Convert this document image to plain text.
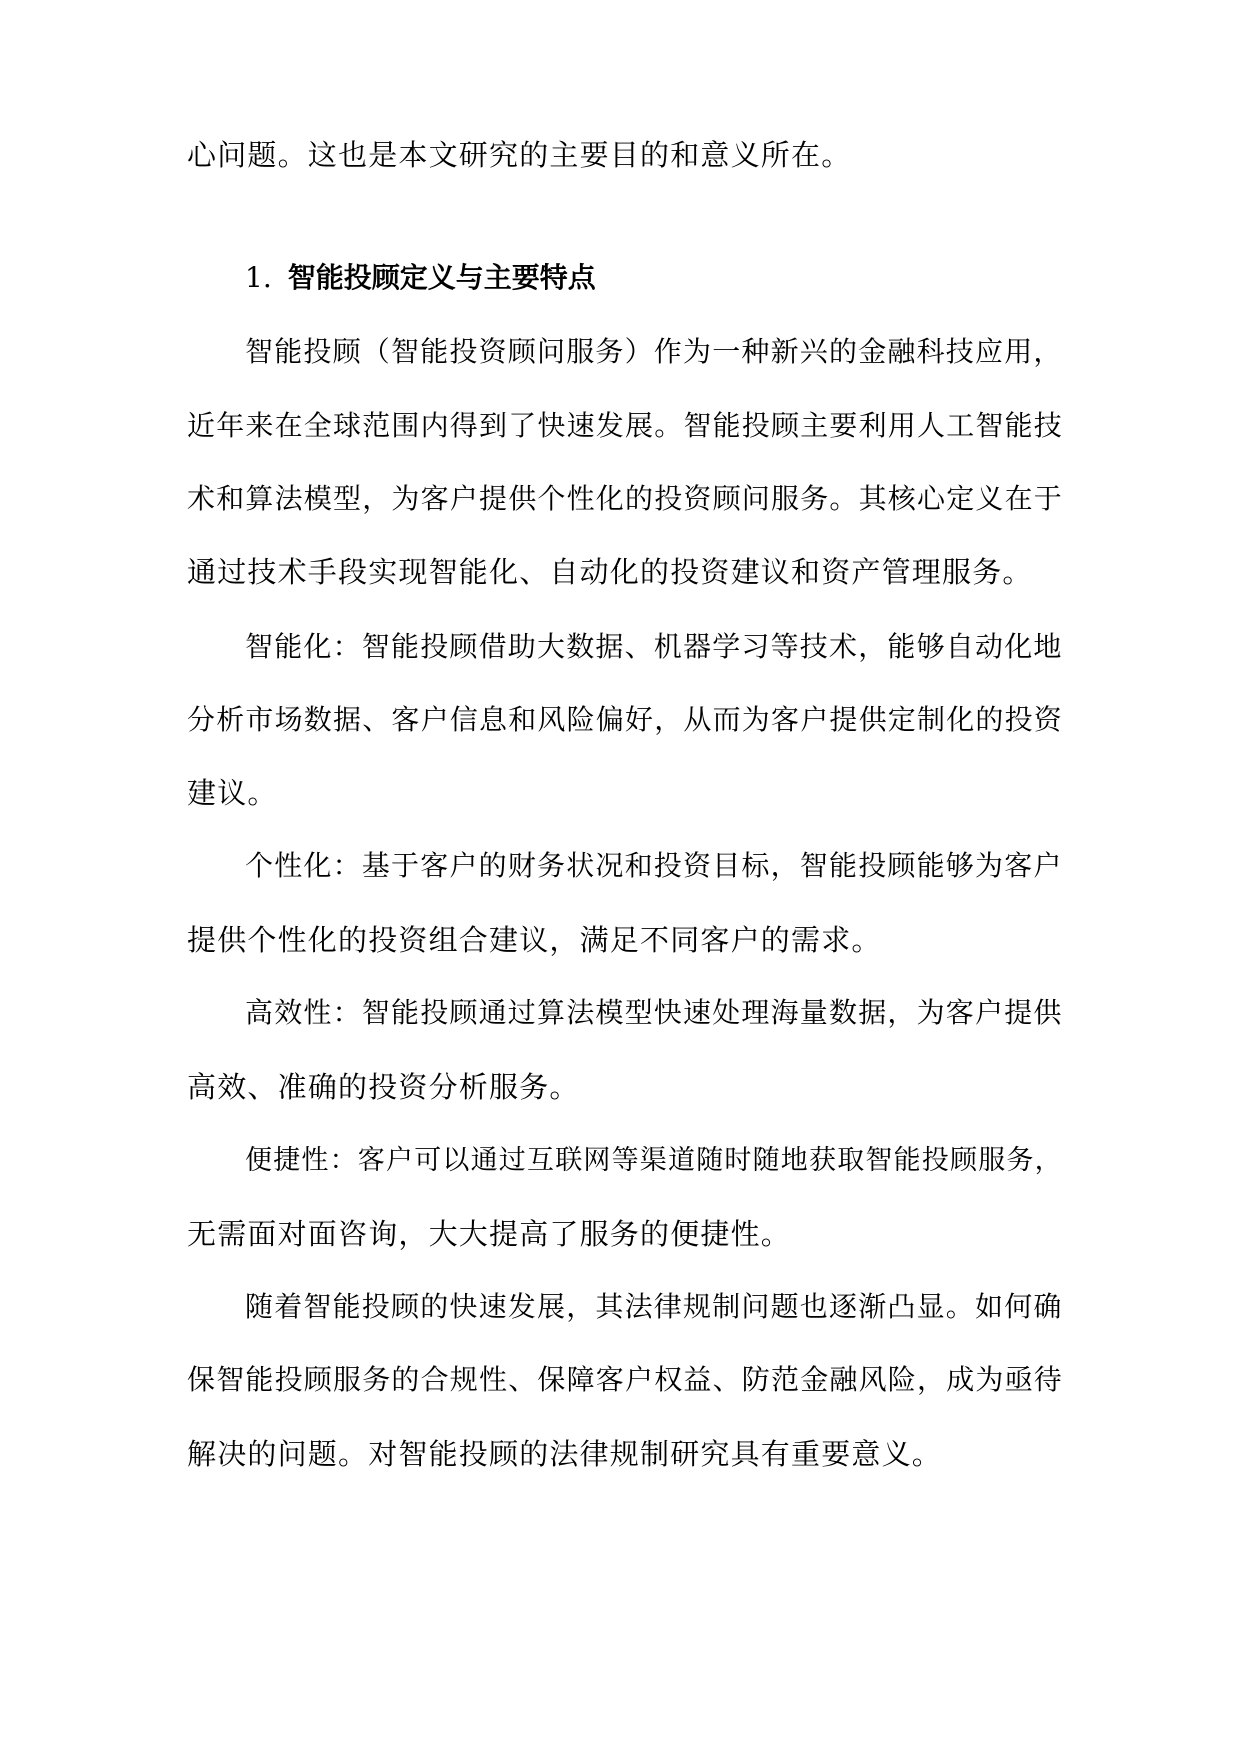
心问题。这也是本文研究的主要目的和意义所在。
1. 智能投顾定义与主要特点
智能投顾（智能投资顾问服务）作为一种新兴的金融科技应用，
近年来在全球范围内得到了快速发展。智能投顾主要利用人工智能技
术和算法模型，为客户提供个性化的投资顾问服务。其核心定义在于
通过技术手段实现智能化、自动化的投资建议和资产管理服务。
智能化：智能投顾借助大数据、机器学习等技术，能够自动化地
分析市场数据、客户信息和风险偏好，从而为客户提供定制化的投资
建议。
个性化：基于客户的财务状况和投资目标，智能投顾能够为客户
提供个性化的投资组合建议，满足不同客户的需求。
高效性：智能投顾通过算法模型快速处理海量数据，为客户提供
高效、准确的投资分析服务。
便捷性：客户可以通过互联网等渠道随时随地获取智能投顾服务，
无需面对面咨询，大大提高了服务的便捷性。
随着智能投顾的快速发展，其法律规制问题也逐渐凸显。如何确
保智能投顾服务的合规性、保障客户权益、防范金融风险，成为亟待
解决的问题。对智能投顾的法律规制研究具有重要意义。
